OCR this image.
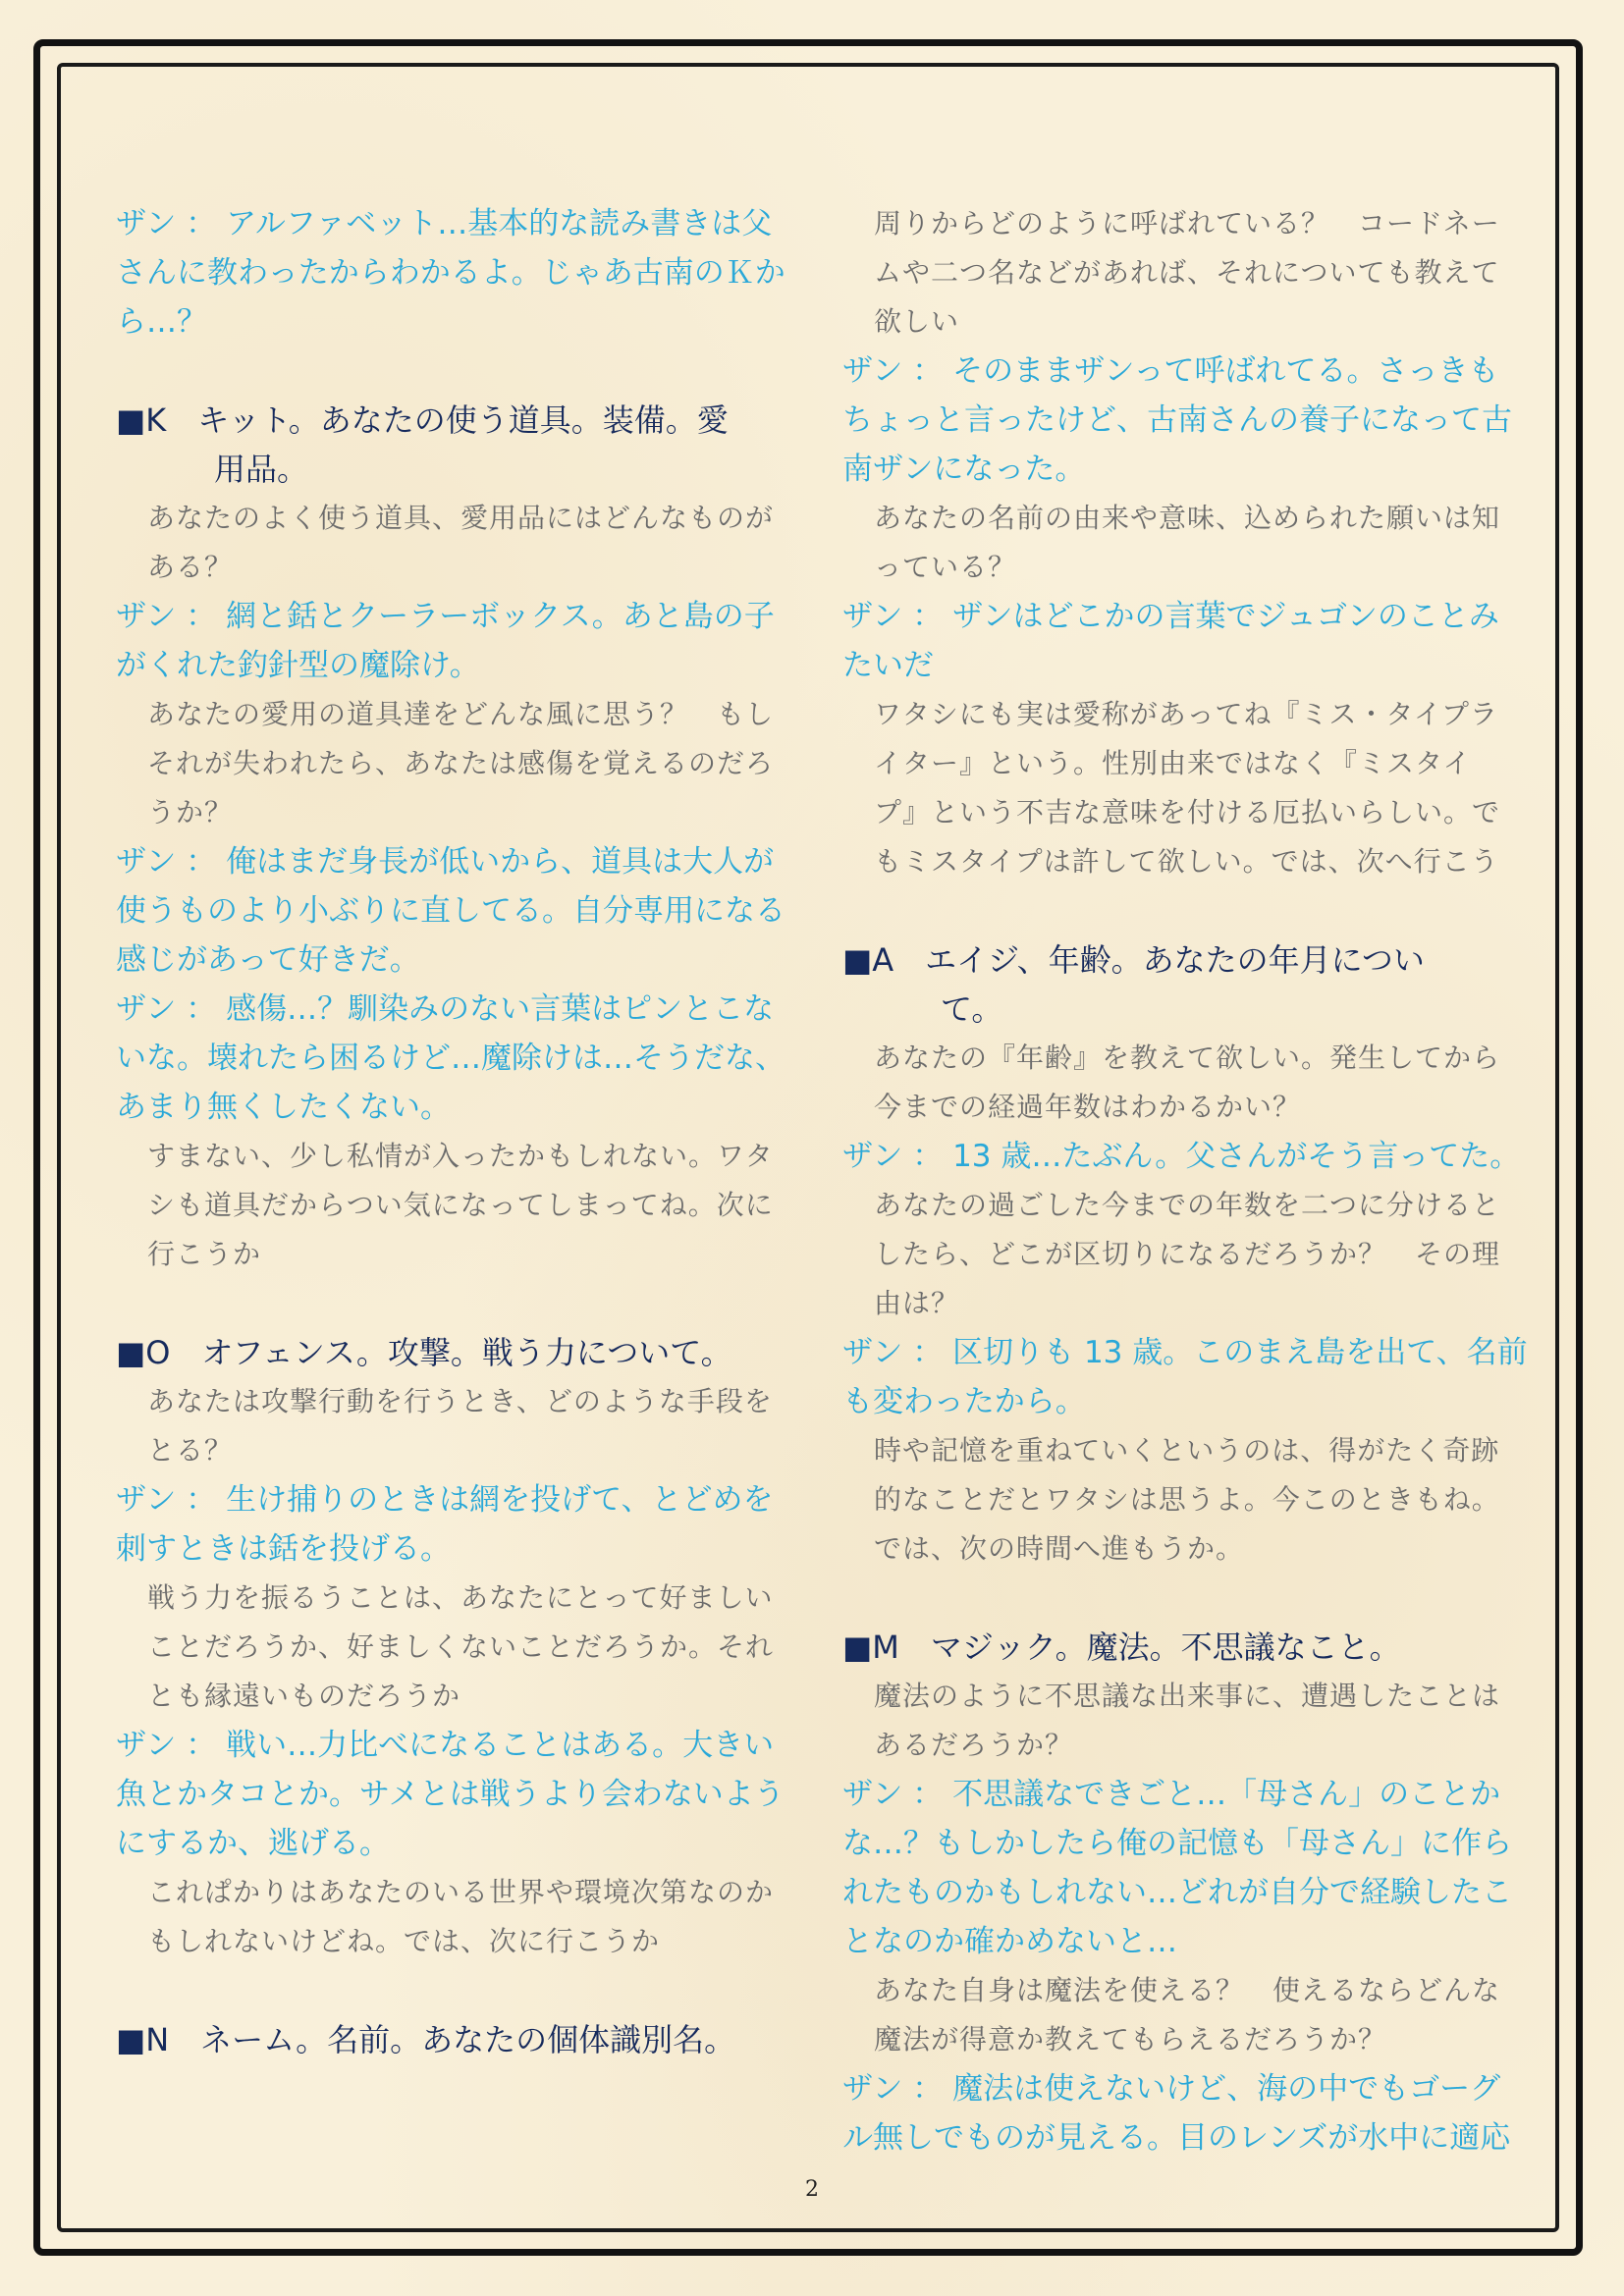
ザン ： アルファベット…基本的な読み書きは父
さんに教わったからわかるよ。じゃあ古南のＫか
ら…？
■K　キット。あなたの使う道具。装備。愛
用品。
あなたのよく使う道具、愛用品にはどんなものが
ある？
ザン ： 網と銛とクーラーボックス。あと島の子
がくれた釣針型の魔除け。
あなたの愛用の道具達をどんな風に思う？　もし
それが失われたら、あなたは感傷を覚えるのだろ
うか？
ザン ： 俺はまだ身長が低いから、道具は大人が
使うものより小ぶりに直してる。自分専用になる
感じがあって好きだ。
ザン ： 感傷…？馴染みのない言葉はピンとこな
いな。壊れたら困るけど…魔除けは…そうだな、
あまり無くしたくない。
すまない、少し私情が入ったかもしれない。ワタ
シも道具だからつい気になってしまってね。次に
行こうか
■O　オフェンス。攻撃。戦う力について。
あなたは攻撃行動を行うとき、どのような手段を
とる？
ザン ： 生け捕りのときは網を投げて、とどめを
刺すときは銛を投げる。
戦う力を振るうことは、あなたにとって好ましい
ことだろうか、好ましくないことだろうか。それ
とも縁遠いものだろうか
ザン ： 戦い…力比べになることはある。大きい
魚とかタコとか。サメとは戦うより会わないよう
にするか、逃げる。
これぱかりはあなたのいる世界や環境次第なのか
もしれないけどね。では、次に行こうか
■N　ネーム。名前。あなたの個体識別名。
周りからどのように呼ばれている？　コードネー
ムや二つ名などがあれば、それについても教えて
欲しい
ザン ： そのままザンって呼ばれてる。さっきも
ちょっと言ったけど、古南さんの養子になって古
南ザンになった。
あなたの名前の由来や意味、込められた願いは知
っている？
ザン ： ザンはどこかの言葉でジュゴンのことみ
たいだ
ワタシにも実は愛称があってね『ミス・タイプラ
イター』という。性別由来ではなく『ミスタイ
プ』という不吉な意味を付ける厄払いらしい。で
もミスタイプは許して欲しい。では、次へ行こう
■A　エイジ、年齢。あなたの年月につい
て。
あなたの『年齢』を教えて欲しい。発生してから
今までの経過年数はわかるかい？
ザン ： 13 歳…たぶん。父さんがそう言ってた。
あなたの過ごした今までの年数を二つに分けると
したら、どこが区切りになるだろうか？　その理
由は？
ザン ： 区切りも 13 歳。このまえ島を出て、名前
も変わったから。
時や記憶を重ねていくというのは、得がたく奇跡
的なことだとワタシは思うよ。今このときもね。
では、次の時間へ進もうか。
■M　マジック。魔法。不思議なこと。
魔法のように不思議な出来事に、遭遇したことは
あるだろうか？
ザン ： 不思議なできごと…「母さん」のことか
な…？もしかしたら俺の記憶も「母さん」に作ら
れたものかもしれない…どれが自分で経験したこ
となのか確かめないと…
あなた自身は魔法を使える？　使えるならどんな
魔法が得意か教えてもらえるだろうか？
ザン ： 魔法は使えないけど、海の中でもゴーグ
ル無しでものが見える。目のレンズが水中に適応
2
